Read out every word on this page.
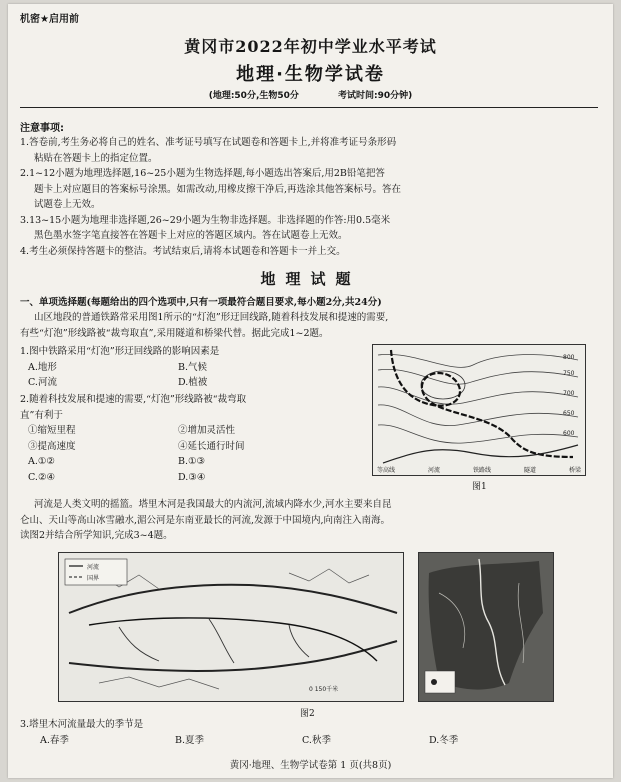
机密★启用前
黄冈市2022年初中学业水平考试
地理·生物学试卷
(地理:50分,生物50分	考试时间:90分钟)
注意事项:
1.答卷前,考生务必将自己的姓名、准考证号填写在试题卷和答题卡上,并将准考证号条形码
粘贴在答题卡上的指定位置。
2.1~12小题为地理选择题,16~25小题为生物选择题,每小题选出答案后,用2B铅笔把答
题卡上对应题目的答案标号涂黑。如需改动,用橡皮擦干净后,再选涂其他答案标号。答在
试题卷上无效。
3.13~15小题为地理非选择题,26~29小题为生物非选择题。非选择题的作答:用0.5毫米
黑色墨水签字笔直接答在答题卡上对应的答题区域内。答在试题卷上无效。
4.考生必须保持答题卡的整洁。考试结束后,请将本试题卷和答题卡一并上交。
地理试题
一、单项选择题(每题给出的四个选项中,只有一项最符合题目要求,每小题2分,共24分)
山区地段的普通铁路常采用图1所示的“灯泡”形迂回线路,随着科技发展和提速的需要,
有些“灯泡”形线路被“裁弯取直”,采用隧道和桥梁代替。据此完成1~2题。
1.图中铁路采用“灯泡”形迂回线路的影响因素是
A.地形	B.气候
C.河流	D.植被
2.随着科技发展和提速的需要,“灯泡”形线路被“裁弯取
直”有利于
①缩短里程	②增加灵活性
③提高速度	④延长通行时间
A.①②	B.①③
C.②④	D.③④
800
750
700
650
600
等高线	河流	铁路线	隧道	桥梁
图1
河流是人类文明的摇篮。塔里木河是我国最大的内流河,流域内降水少,河水主要来自昆
仑山、天山等高山冰雪融水,湄公河是东南亚最长的河流,发源于中国境内,向南注入南海。
读图2并结合所学知识,完成3~4题。
河流
国界
0 150千米
图2
3.塔里木河流量最大的季节是
A.春季	B.夏季	C.秋季	D.冬季
黄冈·地理、生物学试卷第 1 页(共8页)
